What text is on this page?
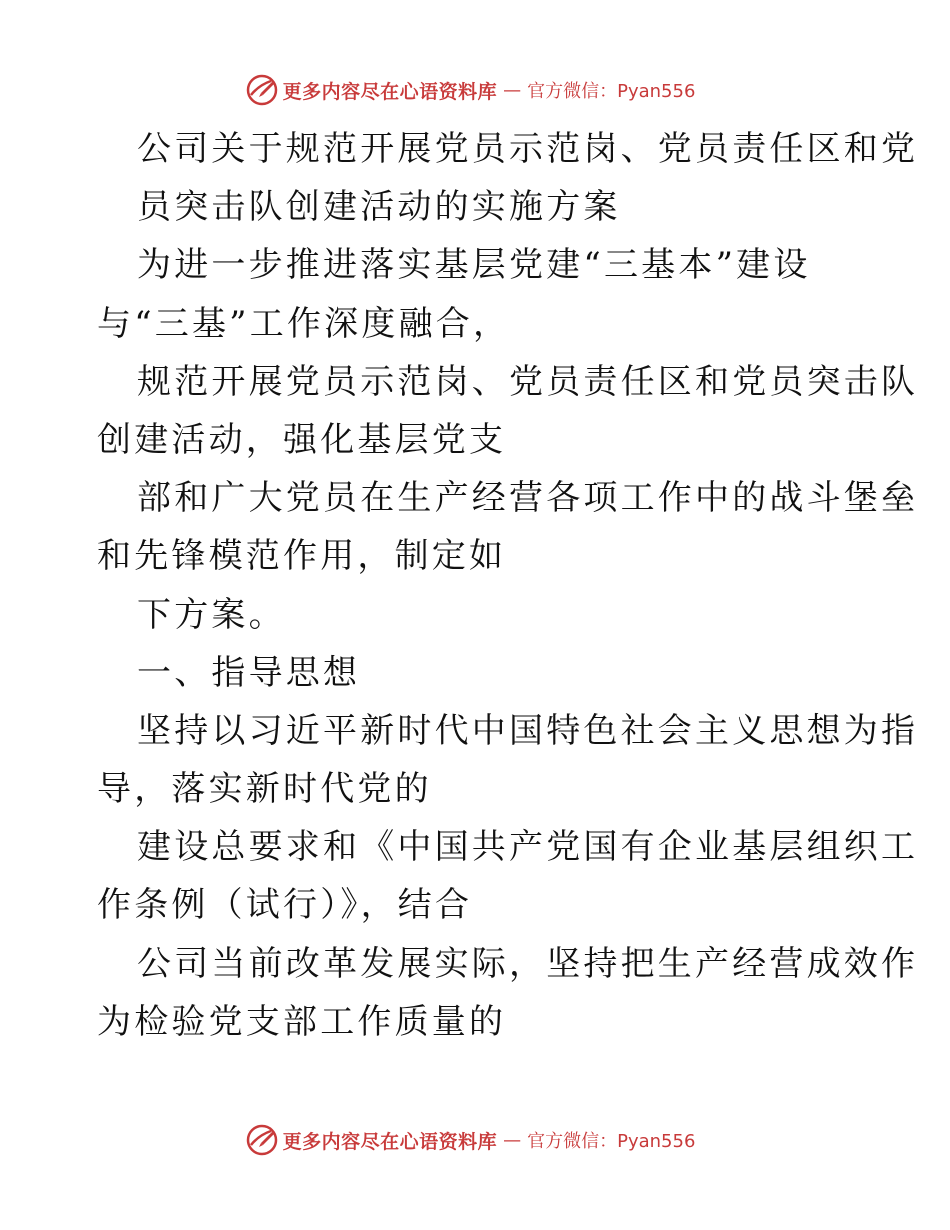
更多内容尽在心语资料库 — 官方微信：Pyan556
公司关于规范开展党员示范岗、党员责任区和党
员突击队创建活动的实施方案
为进一步推进落实基层党建“三基本”建设
与“三基”工作深度融合，
规范开展党员示范岗、党员责任区和党员突击队
创建活动，强化基层党支
部和广大党员在生产经营各项工作中的战斗堡垒
和先锋模范作用，制定如
下方案。
一、指导思想
坚持以习近平新时代中国特色社会主义思想为指
导，落实新时代党的
建设总要求和《中国共产党国有企业基层组织工
作条例（试行）》，结合
公司当前改革发展实际，坚持把生产经营成效作
为检验党支部工作质量的
更多内容尽在心语资料库 — 官方微信：Pyan556
